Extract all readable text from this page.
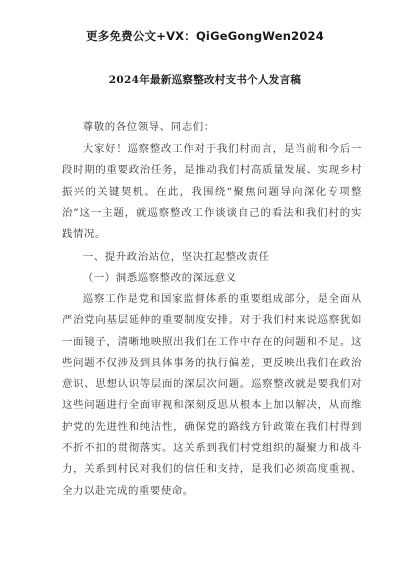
更多免费公文+VX：QiGeGongWen2024
2024年最新巡察整改村支书个人发言稿

尊敬的各位领导、同志们：

大家好！巡察整改工作对于我们村而言，是当前和今后一段时期的重要政治任务，是推动我们村高质量发展、实现乡村振兴的关键契机。在此，我围绕“聚焦问题导向深化专项整治”这一主题，就巡察整改工作谈谈自己的看法和我们村的实践情况。

一、提升政治站位，坚决扛起整改责任

（一）洞悉巡察整改的深远意义

巡察工作是党和国家监督体系的重要组成部分，是全面从严治党向基层延伸的重要制度安排。对于我们村来说巡察犹如一面镜子，清晰地映照出我们在工作中存在的问题和不足。这些问题不仅涉及到具体事务的执行偏差，更反映出我们在政治意识、思想认识等层面的深层次问题。巡察整改就是要我们对这些问题进行全面审视和深刻反思从根本上加以解决，从而维护党的先进性和纯洁性，确保党的路线方针政策在我们村得到不折不扣的贯彻落实。这关系到我们村党组织的凝聚力和战斗力，关系到村民对我们的信任和支持，是我们必须高度重视、全力以赴完成的重要使命。
